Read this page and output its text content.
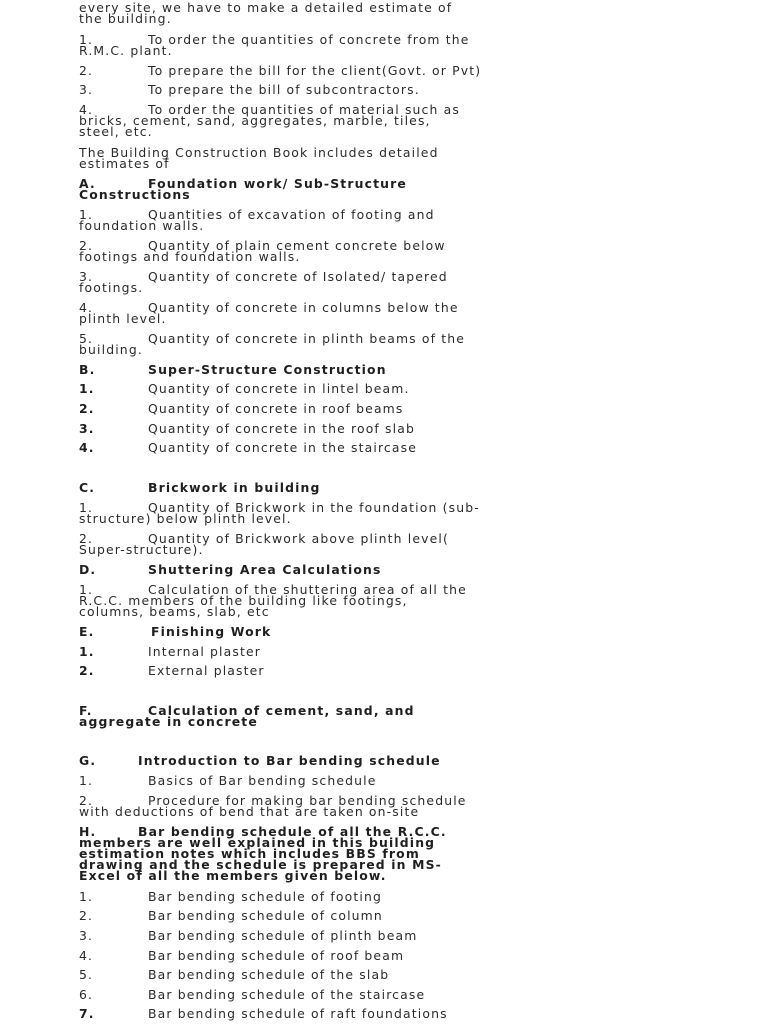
every site, we have to make a detailed estimate of
the building.

1.	To order the quantities of concrete from the
R.M.C. plant.
2.	To prepare the bill for the client(Govt. or Pvt)
3.	To prepare the bill of subcontractors.
4.	To order the quantities of material such as
bricks, cement, sand, aggregates, marble, tiles,
steel, etc.

The Building Construction Book includes detailed
estimates of

A.	Foundation work/ Sub-Structure
Constructions
1.	Quantities of excavation of footing and
foundation walls.
2.	Quantity of plain cement concrete below
footings and foundation walls.
3.	Quantity of concrete of Isolated/ tapered
footings.
4.	Quantity of concrete in columns below the
plinth level.
5.	Quantity of concrete in plinth beams of the
building.
B.	Super-Structure Construction
1.	Quantity of concrete in lintel beam.
2.	Quantity of concrete in roof beams
3.	Quantity of concrete in the roof slab
4.	Quantity of concrete in the staircase
C.	Brickwork in building
1.	Quantity of Brickwork in the foundation (sub-
structure) below plinth level.
2.	Quantity of Brickwork above plinth level(
Super-structure).
D.	Shuttering Area Calculations
1.	Calculation of the shuttering area of all the
R.C.C. members of the building like footings,
columns, beams, slab, etc
E.	Finishing Work
1.	Internal plaster
2.	External plaster
F.	Calculation of cement, sand, and
aggregate in concrete
G.	Introduction to Bar bending schedule
1.	Basics of Bar bending schedule
2.	Procedure for making bar bending schedule
with deductions of bend that are taken on-site
H.	Bar bending schedule of all the R.C.C.
members are well explained in this building
estimation notes which includes BBS from
drawing and the schedule is prepared in MS-
Excel of all the members given below.
1.	Bar bending schedule of footing
2.	Bar bending schedule of column
3.	Bar bending schedule of plinth beam
4.	Bar bending schedule of roof beam
5.	Bar bending schedule of the slab
6.	Bar bending schedule of the staircase
7.	Bar bending schedule of raft foundations
